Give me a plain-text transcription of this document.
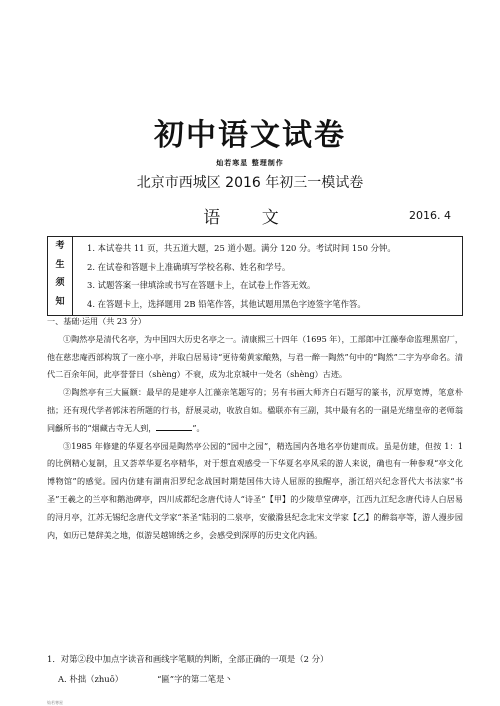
初中语文试卷
灿若寒星 整理制作
北京市西城区 2016 年初三一模试卷
语 文	2016. 4
考
生
须
知

1. 本试卷共 11 页，共五道大题，25 道小题。满分 120 分。考试时间 150 分钟。
2. 在试卷和答题卡上准确填写学校名称、姓名和学号。
3. 试题答案一律填涂或书写在答题卡上，在试卷上作答无效。
4. 在答题卡上，选择题用 2B 铅笔作答，其他试题用黑色字迹签字笔作答。
一、基础·运用（共 23 分）

①陶然亭是清代名亭，为中国四大历史名亭之一。清康熙三十四年（1695 年），工部郎中江藻奉命监理黑窑厂，他在慈悲庵西部构筑了一座小亭，并取白居易诗“更待菊黄家酿熟，与君一醉一陶然”句中的“陶然”二字为亭命名。清代二百余年间，此亭誉誉日（shèng）不衰，成为北京城中一处名（shèng）古迹。

②陶然亭有三大匾额：最早的是建亭人江藻亲笔题写的；另有书画大师齐白石题写的篆书，沉厚宽博，笔意朴拙；还有现代学者郭沫若所题的行书，舒展灵动，收放自如。楹联亦有三副，其中最有名的一副是光绪皇帝的老师翁同龢所书的“烟藏古寺无人到，	”。

③1985 年修建的华夏名亭园是陶然亭公园的“园中之园”，精选国内各地名亭仿建而成。虽是仿建，但按 1：1 的比例精心复制，且又荟萃华夏名亭精华，对于想直观感受一下华夏名亭风采的游人来说，确也有一种参观“亭文化博物馆”的感觉。园内仿建有湖南汨罗纪念战国时期楚国伟大诗人屈原的独醒亭，浙江绍兴纪念晋代大书法家“书圣”王羲之的兰亭和鹅池碑亭，四川成都纪念唐代诗人“诗圣”【甲】的少陵草堂碑亭，江西九江纪念唐代诗人白居易的浔月亭，江苏无锡纪念唐代文学家“茶圣”陆羽的二泉亭，安徽滁县纪念北宋文学家【乙】的醉翁亭等，游人漫步园内，如历已楚辞美之地，似游吴越锦绣之乡，会感受到深厚的历史文化内涵。

1．对第②段中加点字读音和画线字笔顺的判断，全部正确的一项是（2 分）
A. 朴拙（zhuō）	“匾”字的第二笔是丶
灿若寒星
